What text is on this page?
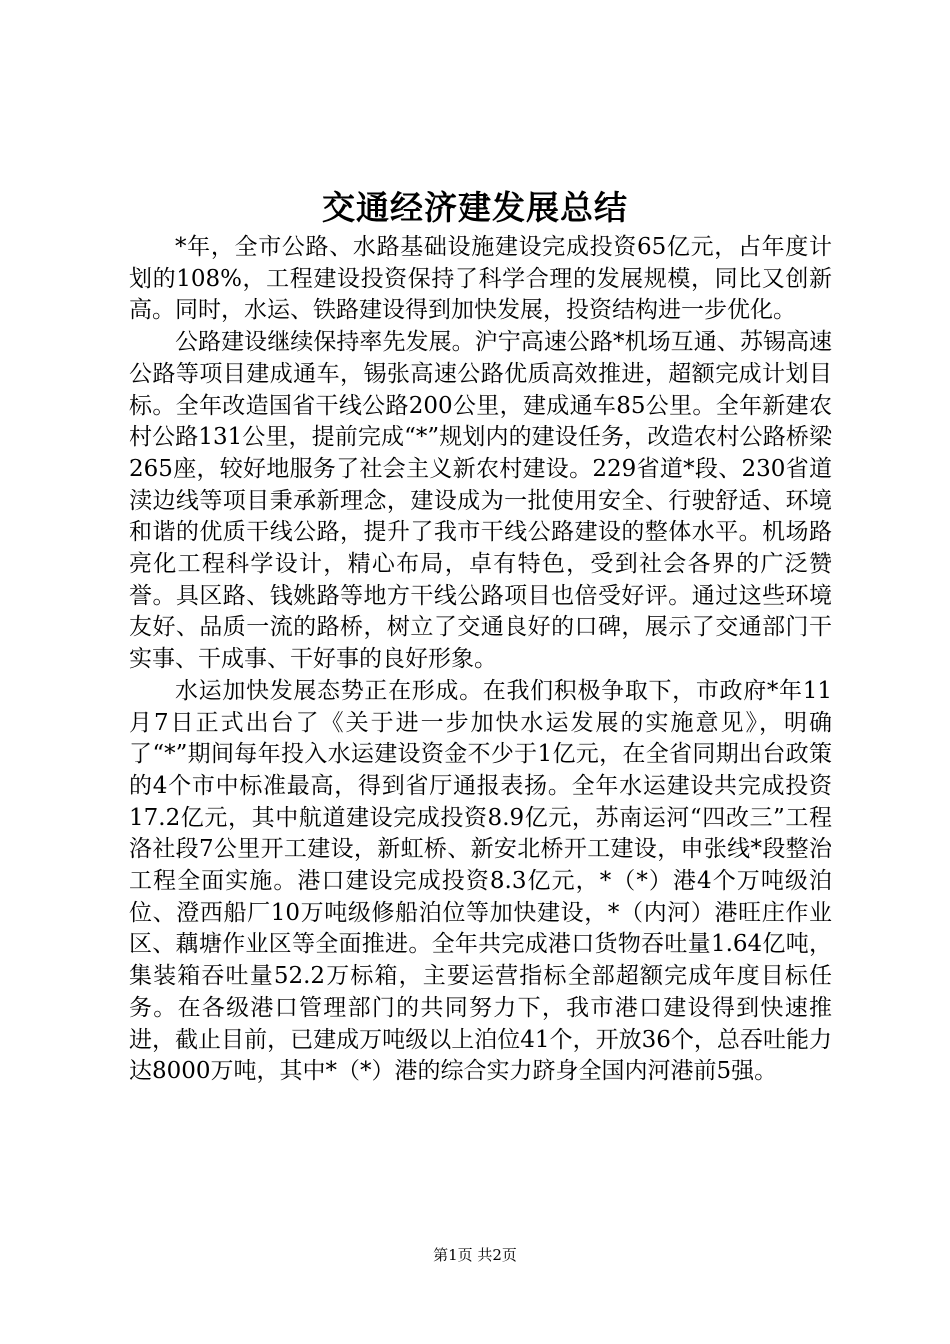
交通经济建发展总结

*年，全市公路、水路基础设施建设完成投资65亿元，占年度计划的108%，工程建设投资保持了科学合理的发展规模，同比又创新高。同时，水运、铁路建设得到加快发展，投资结构进一步优化。

公路建设继续保持率先发展。沪宁高速公路*机场互通、苏锡高速公路等项目建成通车，锡张高速公路优质高效推进，超额完成计划目标。全年改造国省干线公路200公里，建成通车85公里。全年新建农村公路131公里，提前完成“*”规划内的建设任务，改造农村公路桥梁265座，较好地服务了社会主义新农村建设。229省道*段、230省道渎边线等项目秉承新理念，建设成为一批使用安全、行驶舒适、环境和谐的优质干线公路，提升了我市干线公路建设的整体水平。机场路亮化工程科学设计，精心布局，卓有特色，受到社会各界的广泛赞誉。具区路、钱姚路等地方干线公路项目也倍受好评。通过这些环境友好、品质一流的路桥，树立了交通良好的口碑，展示了交通部门干实事、干成事、干好事的良好形象。

水运加快发展态势正在形成。在我们积极争取下，市政府*年11月7日正式出台了《关于进一步加快水运发展的实施意见》，明确了“*”期间每年投入水运建设资金不少于1亿元，在全省同期出台政策的4个市中标准最高，得到省厅通报表扬。全年水运建设共完成投资17.2亿元，其中航道建设完成投资8.9亿元，苏南运河“四改三”工程洛社段7公里开工建设，新虹桥、新安北桥开工建设，申张线*段整治工程全面实施。港口建设完成投资8.3亿元，*（*）港4个万吨级泊位、澄西船厂10万吨级修船泊位等加快建设，*（内河）港旺庄作业区、藕塘作业区等全面推进。全年共完成港口货物吞吐量1.64亿吨，集装箱吞吐量52.2万标箱，主要运营指标全部超额完成年度目标任务。在各级港口管理部门的共同努力下，我市港口建设得到快速推进，截止目前，已建成万吨级以上泊位41个，开放36个，总吞吐能力达8000万吨，其中*（*）港的综合实力跻身全国内河港前5强。

第1页 共2页
